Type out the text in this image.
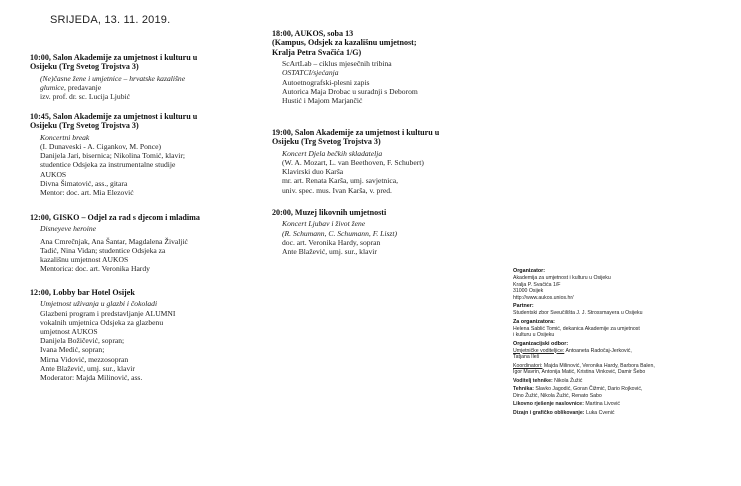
SRIJEDA, 13. 11. 2019.
10:00, Salon Akademije za umjetnost i kulturu u
Osijeku (Trg Svetog Trojstva 3)
(Ne)časne žene i umjetnice – hrvatske kazališne
glumice, predavanje
izv. prof. dr. sc. Lucija Ljubić
10:45, Salon Akademije za umjetnost i kulturu u
Osijeku (Trg Svetog Trojstva 3)
Koncertni break
(I. Dunaveski - A. Cigankov, M. Ponce)
Danijela Jari, bisernica; Nikolina Tomić, klavir;
studentice Odsjeka za instrumentalne studije
AUKOS
Divna Šimatović, ass., gitara
Mentor: doc. art. Mia Elezović
12:00, GISKO – Odjel za rad s djecom i mladima
Disneyeve heroine
Ana Cmrečnjak, Ana Šantar, Magdalena Živaljić
Tadić, Nina Vidan; studentice Odsjeka za
kazališnu umjetnost AUKOS
Mentorica: doc. art. Veronika Hardy
12:00, Lobby bar Hotel Osijek
Umjetnost uživanja u glazbi i čokoladi
Glazbeni program i predstavljanje ALUMNI
vokalnih umjetnica Odsjeka za glazbenu
umjetnost AUKOS
Danijela Božičević, sopran;
Ivana Medić, sopran;
Mirna Vidović, mezzosopran
Ante Blažević, umj. sur., klavir
Moderator: Majda Milinović, ass.
18:00, AUKOS, soba 13
(Kampus, Odsjek za kazališnu umjetnost;
Kralja Petra Svačića 1/G)
ScArtLab – ciklus mjesečnih tribina
OSTATCI/sjećanja
Autoetnografski-plesni zapis
Autorica Maja Drobac u suradnji s Deborom
Hustić i Majom Marjančić
19:00, Salon Akademije za umjetnost i kulturu u
Osijeku (Trg Svetog Trojstva 3)
Koncert Djela bečkih skladatelja
(W. A. Mozart, L. van Beethoven, F. Schubert)
Klavirski duo Karša
mr. art. Renata Karša, umj. savjetnica,
univ. spec. mus. Ivan Karša, v. pred.
20:00, Muzej likovnih umjetnosti
Koncert Ljubav i život žene
(R. Schumann, C. Schumann, F. Liszt)
doc. art. Veronika Hardy, sopran
Ante Blažević, umj. sur., klavir
Organizator:
Akademija za umjetnost i kulturu u Osijeku
Kralja P. Svačića 1/F
31000 Osijek
http://www.aukos.unios.hr/
Partner:
Studentski zbor Sveučilišta J. J. Strossmayera u Osijeku
Za organizatora:
Helena Sablić Tomić, dekanica Akademije za umjetnost
i kulturu u Osijeku
Organizacijski odbor:
Umjetničke voditeljice: Antoaneta Radočaj-Jerković,
Tatjana Ileš
Koordinatori: Majda Milinović, Veronika Hardy, Barbora Balen,
Igor Mavrin, Antonija Matić, Kristina Vinković, Damir Šebo
Voditelj tehnike: Nikola Žužić
Tehnika: Slavko Jagodić, Goran Čižmić, Dario Rojković,
Dino Žužić, Nikola Žužić, Renato Sabo
Likovno rješenje naslovnice: Martina Livović
Dizajn i grafičko oblikovanje: Luka Cvenić
